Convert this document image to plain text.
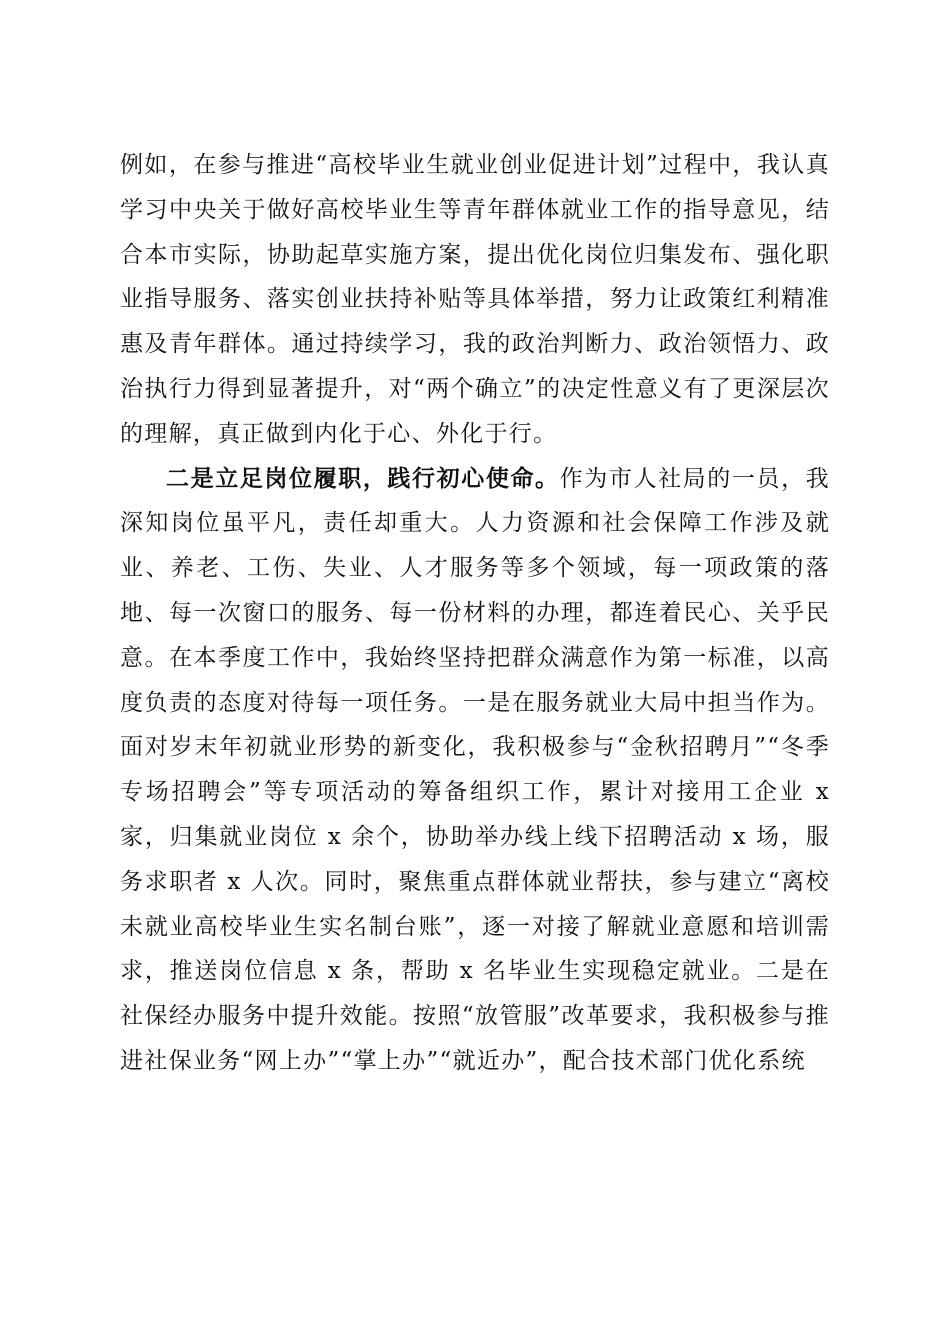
例如，在参与推进“高校毕业生就业创业促进计划”过程中，我认真学习中央关于做好高校毕业生等青年群体就业工作的指导意见，结合本市实际，协助起草实施方案，提出优化岗位归集发布、强化职业指导服务、落实创业扶持补贴等具体举措，努力让政策红利精准惠及青年群体。通过持续学习，我的政治判断力、政治领悟力、政治执行力得到显著提升，对“两个确立”的决定性意义有了更深层次的理解，真正做到内化于心、外化于行。

二是立足岗位履职，践行初心使命。作为市人社局的一员，我深知岗位虽平凡，责任却重大。人力资源和社会保障工作涉及就业、养老、工伤、失业、人才服务等多个领域，每一项政策的落地、每一次窗口的服务、每一份材料的办理，都连着民心、关乎民意。在本季度工作中，我始终坚持把群众满意作为第一标准，以高度负责的态度对待每一项任务。一是在服务就业大局中担当作为。面对岁末年初就业形势的新变化，我积极参与“金秋招聘月”“冬季专场招聘会”等专项活动的筹备组织工作，累计对接用工企业 x 家，归集就业岗位 x 余个，协助举办线上线下招聘活动 x 场，服务求职者 x 人次。同时，聚焦重点群体就业帮扶，参与建立“离校未就业高校毕业生实名制台账”，逐一对接了解就业意愿和培训需求，推送岗位信息 x 条，帮助 x 名毕业生实现稳定就业。二是在社保经办服务中提升效能。按照“放管服”改革要求，我积极参与推进社保业务“网上办”“掌上办”“就近办”，配合技术部门优化系统
